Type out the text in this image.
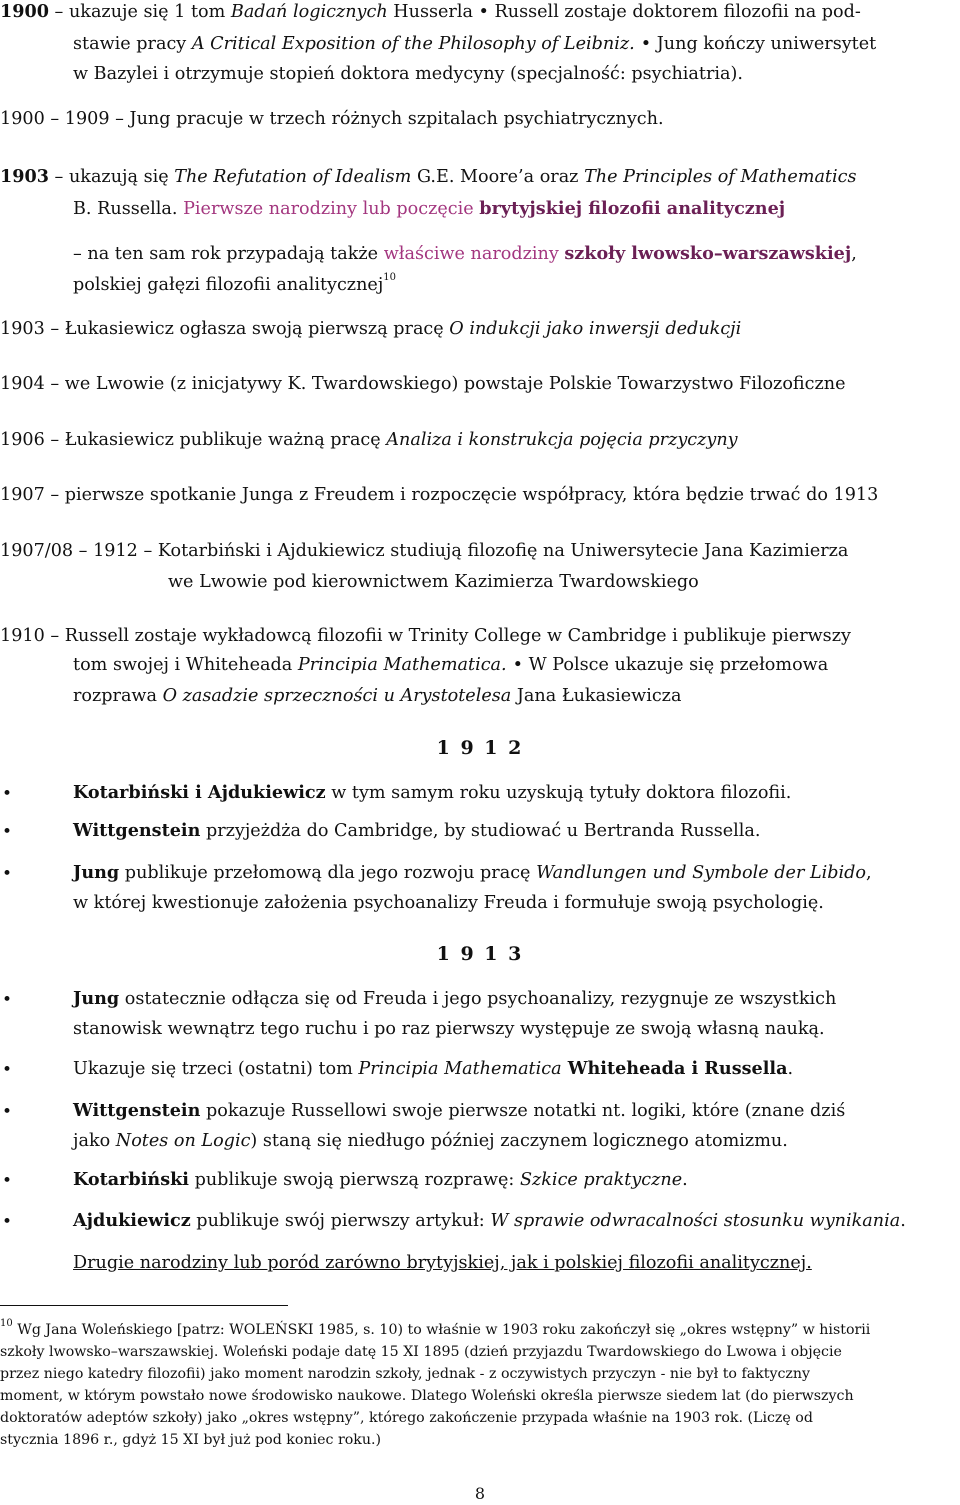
1900 – ukazuje się 1 tom Badań logicznych Husserla • Russell zostaje doktorem filozofii na pod-
stawie pracy A Critical Exposition of the Philosophy of Leibniz. • Jung kończy uniwersytet
w Bazylei i otrzymuje stopień doktora medycyny (specjalność: psychiatria).
1900 – 1909 – Jung pracuje w trzech różnych szpitalach psychiatrycznych.
1903 – ukazują się The Refutation of Idealism G.E. Moore’a oraz The Principles of Mathematics
B. Russella. Pierwsze narodziny lub poczęcie brytyjskiej filozofii analitycznej
– na ten sam rok przypadają także właściwe narodziny szkoły lwowsko–warszawskiej,
polskiej gałęzi filozofii analitycznej$^{10}$
1903 – Łukasiewicz ogłasza swoją pierwszą pracę O indukcji jako inwersji dedukcji
1904 – we Lwowie (z inicjatywy K. Twardowskiego) powstaje Polskie Towarzystwo Filozoficzne
1906 – Łukasiewicz publikuje ważną pracę Analiza i konstrukcja pojęcia przyczyny
1907 – pierwsze spotkanie Junga z Freudem i rozpoczęcie współpracy, która będzie trwać do 1913
1907/08 – 1912 – Kotarbiński i Ajdukiewicz studiują filozofię na Uniwersytecie Jana Kazimierza
we Lwowie pod kierownictwem Kazimierza Twardowskiego
1910 – Russell zostaje wykładowcą filozofii w Trinity College w Cambridge i publikuje pierwszy
tom swojej i Whiteheada Principia Mathematica. • W Polsce ukazuje się przełomowa
rozprawa O zasadzie sprzeczności u Arystotelesa Jana Łukasiewicza
1 9 1 2
•	Kotarbiński i Ajdukiewicz w tym samym roku uzyskują tytuły doktora filozofii.
•	Wittgenstein przyjeżdża do Cambridge, by studiować u Bertranda Russella.
•	Jung publikuje przełomową dla jego rozwoju pracę Wandlungen und Symbole der Libido,
w której kwestionuje założenia psychoanalizy Freuda i formułuje swoją psychologię.
1 9 1 3
•	Jung ostatecznie odłącza się od Freuda i jego psychoanalizy, rezygnuje ze wszystkich
stanowisk wewnątrz tego ruchu i po raz pierwszy występuje ze swoją własną nauką.
•	Ukazuje się trzeci (ostatni) tom Principia Mathematica Whiteheada i Russella.
•	Wittgenstein pokazuje Russellowi swoje pierwsze notatki nt. logiki, które (znane dziś
jako Notes on Logic) staną się niedługo później zaczynem logicznego atomizmu.
•	Kotarbiński publikuje swoją pierwszą rozprawę: Szkice praktyczne.
•	Ajdukiewicz publikuje swój pierwszy artykuł: W sprawie odwracalności stosunku wynikania.
Drugie narodziny lub poród zarówno brytyjskiej, jak i polskiej filozofii analitycznej.
$^{10}$ Wg Jana Woleńskiego [patrz: WOLEŃSKI 1985, s. 10) to właśnie w 1903 roku zakończył się „okres wstępny” w historii
szkoły lwowsko–warszawskiej. Woleński podaje datę 15 XI 1895 (dzień przyjazdu Twardowskiego do Lwowa i objęcie
przez niego katedry filozofii) jako moment narodzin szkoły, jednak - z oczywistych przyczyn - nie był to faktyczny
moment, w którym powstało nowe środowisko naukowe. Dlatego Woleński określa pierwsze siedem lat (do pierwszych
doktoratów adeptów szkoły) jako „okres wstępny”, którego zakończenie przypada właśnie na 1903 rok. (Liczę od
stycznia 1896 r., gdyż 15 XI był już pod koniec roku.)
8
